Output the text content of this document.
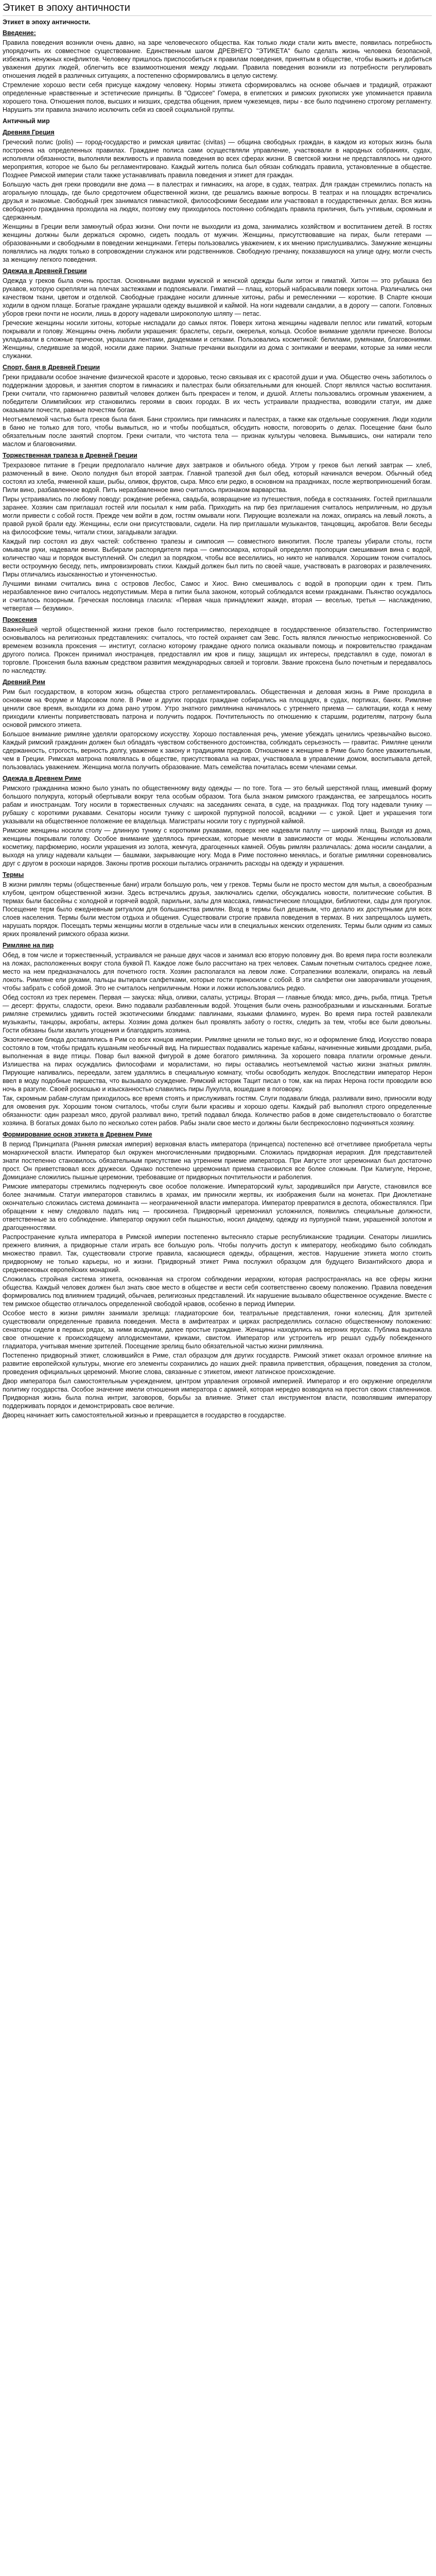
Этикет в эпоху античности
Этикет в эпоху античности.
Введение:

Правила поведения возникли очень давно, на заре человеческого общества. Как только люди стали жить вместе, появилась потребность упорядочить их совместное существование. Единственным шагом ДРЕВНЕГО "ЭТИКЕТА" было сделать жизнь человека безопасной, избежать ненужных конфликтов. Человеку пришлось приспособиться к правилам поведения, принятым в обществе, чтобы выжить и добиться уважения других людей, облегчить все взаимоотношения между людьми. Правила поведения возникли из потребности регулировать отношения людей в различных ситуациях, а постепенно сформировались в целую систему.

Стремление хорошо вести себя присуще каждому человеку. Нормы этикета сформировались на основе обычаев и традиций, отражают определенные нравственные и эстетические принципы. В "Одиссее" Гомера, в египетских и римских рукописях уже упоминается правила хорошего тона. Отношения полов, высших и низших, средства общения, прием чужеземцев, пиры - все было подчинено строгому регламенту. Нарушить эти правила значило исключить себя из своей социальной группы.

Античный мир
Древняя Греция

Греческий полис (polis) — город-государство и римская цивитас (civitas) — община свободных граждан, в каждом из которых жизнь была построена на определенных правилах. Граждане полиса сами осуществляли управление, участвовали в народных собраниях, судах, исполняли обязанности, выполняли вежливость и правила поведения во всех сферах жизни. В светской жизни не представлялось ни одного мероприятия, которое не было бы регламентировано. Каждый житель полиса был обязан соблюдать правила, установленные в обществе. Позднее Римской империи стали также устанавливать правила поведения и этикет для граждан.

Большую часть дня греки проводили вне дома — в палестрах и гимнасиях, на агоре, в судах, театрах. Для граждан стремились попасть на агоральную площадь, где было средоточием общественной жизни, где решались важные вопросы. В театрах и на площадях встречались друзья и знакомые. Свободный грек занимался гимнастикой, философскими беседами или участвовал в государственных делах. Вся жизнь свободного гражданина проходила на людях, поэтому ему приходилось постоянно соблюдать правила приличия, быть учтивым, скромным и сдержанным.

Женщины в Греции вели замкнутый образ жизни. Они почти не выходили из дома, занимались хозяйством и воспитанием детей. В гостях женщины должны были держаться скромно, сидеть поодаль от мужчин. Женщины, присутствовавшие на пирах, были гетерами — образованными и свободными в поведении женщинами. Гетеры пользовались уважением, к их мнению прислушивались. Замужние женщины появлялись на людях только в сопровождении служанок или родственников. Свободную гречанку, показавшуюся на улице одну, могли счесть за женщину легкого поведения.

Одежда в Древней Греции

Одежда у греков была очень простая. Основными видами мужской и женской одежды были хитон и гиматий. Хитон — это рубашка без рукавов, которую скрепляли на плечах застежками и подпоясывали. Гиматий — плащ, который набрасывали поверх хитона. Различались они качеством ткани, цветом и отделкой. Свободные граждане носили длинные хитоны, рабы и ремесленники — короткие. В Спарте юноши ходили в одном плаще. Богатые граждане украшали одежду вышивкой и каймой. На ноги надевали сандалии, а в дорогу — сапоги. Головных уборов греки почти не носили, лишь в дорогу надевали широкополую шляпу — петас.

Греческие женщины носили хитоны, которые ниспадали до самых пяток. Поверх хитона женщины надевали пеплос или гиматий, которым покрывали и голову. Женщины очень любили украшения: браслеты, серьги, ожерелья, кольца. Особое внимание уделяли прическе. Волосы укладывали в сложные прически, украшали лентами, диадемами и сетками. Пользовались косметикой: белилами, румянами, благовониями. Женщины, следившие за модой, носили даже парики. Знатные гречанки выходили из дома с зонтиками и веерами, которые за ними несли служанки.

Спорт, баня в Древней Греции

Греки придавали особое значение физической красоте и здоровью, тесно связывая их с красотой души и ума. Общество очень заботилось о поддержании здоровья, и занятия спортом в гимнасиях и палестрах были обязательными для юношей. Спорт являлся частью воспитания. Греки считали, что гармонично развитый человек должен быть прекрасен и телом, и душой. Атлеты пользовались огромным уважением, а победители Олимпийских игр становились героями в своих городах. В их честь устраивали празднества, возводили статуи, им даже оказывали почести, равные почестям богам.

Неотъемлемой частью быта греков была баня. Бани строились при гимнасиях и палестрах, а также как отдельные сооружения. Люди ходили в баню не только для того, чтобы вымыться, но и чтобы пообщаться, обсудить новости, поговорить о делах. Посещение бани было обязательным после занятий спортом. Греки считали, что чистота тела — признак культуры человека. Вымывшись, они натирали тело маслом и благовониями.

Торжественная трапеза в Древней Греции

Трехразовое питание в Греции предполагало наличие двух завтраков и обильного обеда. Утром у греков был легкий завтрак — хлеб, размоченный в вине. Около полудня был второй завтрак. Главной трапезой дня был обед, который начинался вечером. Обычный обед состоял из хлеба, ячменной каши, рыбы, оливок, фруктов, сыра. Мясо ели редко, в основном на праздниках, после жертвоприношений богам. Пили вино, разбавленное водой. Пить неразбавленное вино считалось признаком варварства.

Пиры устраивались по любому поводу: рождение ребенка, свадьба, возвращение из путешествия, победа в состязаниях. Гостей приглашали заранее. Хозяин сам приглашал гостей или посылал к ним раба. Приходить на пир без приглашения считалось неприличным, но друзья могли привести с собой гостя. Прежде чем войти в дом, гостям омывали ноги. Пирующие возлежали на ложах, опираясь на левый локоть, а правой рукой брали еду. Женщины, если они присутствовали, сидели. На пир приглашали музыкантов, танцовщиц, акробатов. Вели беседы на философские темы, читали стихи, загадывали загадки.

Каждый пир состоял из двух частей: собственно трапезы и симпосия — совместного винопития. После трапезы убирали столы, гости омывали руки, надевали венки. Выбирали распорядителя пира — симпосиарха, который определял пропорции смешивания вина с водой, количество чаш и порядок выступлений. Он следил за порядком, чтобы все веселились, но никто не напивался. Хорошим тоном считалось вести остроумную беседу, петь, импровизировать стихи. Каждый должен был пить по своей чаше, участвовать в разговорах и развлечениях. Пиры отличались изысканностью и утонченностью.

Лучшими винами считались вина с островов Лесбос, Самос и Хиос. Вино смешивалось с водой в пропорции один к трем. Пить неразбавленное вино считалось недопустимым. Мера в питии была законом, который соблюдался всеми гражданами. Пьянство осуждалось и считалось позорным. Греческая пословица гласила: «Первая чаша принадлежит жажде, вторая — веселью, третья — наслаждению, четвертая — безумию».

Проксения

Важнейшей чертой общественной жизни греков было гостеприимство, переходящее в государственное обязательство. Гостеприимство основывалось на религиозных представлениях: считалось, что гостей охраняет сам Зевс. Гость являлся личностью неприкосновенной. Со временем возникла проксения — институт, согласно которому граждане одного полиса оказывали помощь и покровительство гражданам другого полиса. Проксен принимал иностранцев, предоставлял им кров и пищу, защищал их интересы, представлял в суде, помогал в торговле. Проксения была важным средством развития международных связей и торговли. Звание проксена было почетным и передавалось по наследству.

Древний Рим

Рим был государством, в котором жизнь общества строго регламентировалась. Общественная и деловая жизнь в Риме проходила в основном на Форуме и Марсовом поле. В Риме и других городах граждане собирались на площадях, в судах, портиках, банях. Римляне ценили свое время, выходили из дома рано утром. Утро знатного римлянина начиналось с утреннего приема — салютации, когда к нему приходили клиенты поприветствовать патрона и получить подарок. Почтительность по отношению к старшим, родителям, патрону была основой римского этикета.

Большое внимание римляне уделяли ораторскому искусству. Хорошо поставленная речь, умение убеждать ценились чрезвычайно высоко. Каждый римский гражданин должен был обладать чувством собственного достоинства, соблюдать серьезность — гравитас. Римляне ценили сдержанность, строгость, верность долгу, уважение к закону и традициям предков. Отношение к женщине в Риме было более уважительным, чем в Греции. Римская матрона появлялась в обществе, присутствовала на пирах, участвовала в управлении домом, воспитывала детей, пользовалась уважением. Женщина могла получить образование. Мать семейства почиталась всеми членами семьи.

Одежда в Древнем Риме

Римского гражданина можно было узнать по общественному виду одежды — по тоге. Тога — это белый шерстяной плащ, имевший форму большого полукруга, который обертывали вокруг тела особым образом. Тога была знаком римского гражданства, ее запрещалось носить рабам и иностранцам. Тогу носили в торжественных случаях: на заседаниях сената, в суде, на праздниках. Под тогу надевали тунику — рубашку с короткими рукавами. Сенаторы носили тунику с широкой пурпурной полосой, всадники — с узкой. Цвет и украшения тоги указывали на общественное положение ее владельца. Магистраты носили тогу с пурпурной каймой.

Римские женщины носили столу — длинную тунику с короткими рукавами, поверх нее надевали паллу — широкий плащ. Выходя из дома, женщины покрывали голову. Особое внимание уделялось прическам, которые меняли в зависимости от моды. Женщины использовали косметику, парфюмерию, носили украшения из золота, жемчуга, драгоценных камней. Обувь римлян различалась: дома носили сандалии, а выходя на улицу надевали кальцеи — башмаки, закрывающие ногу. Мода в Риме постоянно менялась, и богатые римлянки соревновались друг с другом в роскоши нарядов. Законы против роскоши пытались ограничить расходы на одежду и украшения.

Термы

В жизни римлян термы (общественные бани) играли большую роль, чем у греков. Термы были не просто местом для мытья, а своеобразным клубом, центром общественной жизни. Здесь встречались друзья, заключались сделки, обсуждались новости, политические события. В термах были бассейны с холодной и горячей водой, парильни, залы для массажа, гимнастические площадки, библиотеки, сады для прогулок. Посещение терм было ежедневным ритуалом для большинства римлян. Вход в термы был дешевым, что делало их доступными для всех слоев населения. Термы были местом отдыха и общения. Существовали строгие правила поведения в термах. В них запрещалось шуметь, нарушать порядок. Посещать термы женщины могли в отдельные часы или в специальных женских отделениях. Термы были одним из самых ярких проявлений римского образа жизни.

Римляне на пир

Обед, в том числе и торжественный, устраивался не раньше двух часов и занимал всю вторую половину дня. Во время пира гости возлежали на ложах, расположенных вокруг стола буквой П. Каждое ложе было рассчитано на трех человек. Самым почетным считалось среднее ложе, место на нем предназначалось для почетного гостя. Хозяин располагался на левом ложе. Сотрапезники возлежали, опираясь на левый локоть. Римляне ели руками, пальцы вытирали салфетками, которые гости приносили с собой. В эти салфетки они заворачивали угощения, чтобы забрать с собой домой. Это не считалось неприличным. Ножи и ложки использовались редко.

Обед состоял из трех перемен. Первая — закуска: яйца, оливки, салаты, устрицы. Вторая — главные блюда: мясо, дичь, рыба, птица. Третья — десерт: фрукты, сладости, орехи. Вино подавали разбавленным водой. Угощения были очень разнообразными и изысканными. Богатые римляне стремились удивить гостей экзотическими блюдами: павлинами, языками фламинго, мурен. Во время пира гостей развлекали музыканты, танцоры, акробаты, актеры. Хозяин дома должен был проявлять заботу о гостях, следить за тем, чтобы все были довольны. Гости обязаны были хвалить угощения и благодарить хозяина.

Экзотические блюда доставлялись в Рим со всех концов империи. Римляне ценили не только вкус, но и оформление блюд. Искусство повара состояло в том, чтобы придать кушаньям необычный вид. На пиршествах подавались жареные кабаны, начиненные живыми дроздами, рыба, выполненная в виде птицы. Повар был важной фигурой в доме богатого римлянина. За хорошего повара платили огромные деньги. Излишества на пирах осуждались философами и моралистами, но пиры оставались неотъемлемой частью жизни знатных римлян. Пирующие напивались, переедали, затем удалялись в специальную комнату, чтобы освободить желудок. Впоследствии император Нерон ввел в моду подобные пиршества, что вызывало осуждение. Римский историк Тацит писал о том, как на пирах Нерона гости проводили всю ночь в разгуле. Своей роскошью и изысканностью славились пиры Лукулла, вошедшие в поговорку.

Так, скромным рабам-слугам приходилось все время стоять и прислуживать гостям. Слуги подавали блюда, разливали вино, приносили воду для омовения рук. Хорошим тоном считалось, чтобы слуги были красивы и хорошо одеты. Каждый раб выполнял строго определенные обязанности: один разрезал мясо, другой разливал вино, третий подавал блюда. Количество рабов в доме свидетельствовало о богатстве хозяина. В богатых домах было по несколько сотен рабов. Рабы знали свое место и должны были беспрекословно подчиняться хозяину.

Формирование основ этикета в Древнем Риме

В период Принципата (Ранняя римская империя) верховная власть императора (принцепса) постепенно всё отчетливее приобретала черты монархической власти. Император был окружен многочисленными придворными. Сложилась придворная иерархия. Для представителей знати постепенно становилось обязательным присутствие на утреннем приеме императора. При Августе этот церемониал был достаточно прост. Он приветствовал всех дружески. Однако постепенно церемониал приема становился все более сложным. При Калигуле, Нероне, Домициане сложились пышные церемонии, требовавшие от придворных почтительности и раболепия.

Римские императоры стремились подчеркнуть свое особое положение. Императорский культ, зародившийся при Августе, становился все более значимым. Статуи императоров ставились в храмах, им приносили жертвы, их изображения были на монетах. При Диоклетиане окончательно сложилась система доминанта — неограниченной власти императора. Император превратился в деспота, обожествлялся. При обращении к нему следовало падать ниц — проскинеза. Придворный церемониал усложнился, появились специальные должности, ответственные за его соблюдение. Император окружил себя пышностью, носил диадему, одежду из пурпурной ткани, украшенной золотом и драгоценностями.

Распространение культа императора в Римской империи постепенно вытесняло старые республиканские традиции. Сенаторы лишились прежнего влияния, а придворные стали играть все большую роль. Чтобы получить доступ к императору, необходимо было соблюдать множество правил. Так, существовали строгие правила, касающиеся одежды, обращения, жестов. Нарушение этикета могло стоить придворному не только карьеры, но и жизни. Придворный этикет Рима послужил образцом для будущего Византийского двора и средневековых европейских монархий.

Сложилась стройная система этикета, основанная на строгом соблюдении иерархии, которая распространялась на все сферы жизни общества. Каждый человек должен был знать свое место в обществе и вести себя соответственно своему положению. Правила поведения формировались под влиянием традиций, обычаев, религиозных представлений. Их нарушение вызывало общественное осуждение. Вместе с тем римское общество отличалось определенной свободой нравов, особенно в период Империи.

Особое место в жизни римлян занимали зрелища: гладиаторские бои, театральные представления, гонки колесниц. Для зрителей существовали определенные правила поведения. Места в амфитеатрах и цирках распределялись согласно общественному положению: сенаторы сидели в первых рядах, за ними всадники, далее простые граждане. Женщины находились на верхних ярусах. Публика выражала свое отношение к происходящему аплодисментами, криками, свистом. Император или устроитель игр решал судьбу побежденного гладиатора, учитывая мнение зрителей. Посещение зрелищ было обязательной частью жизни римлянина.

Постепенно придворный этикет, сложившийся в Риме, стал образцом для других государств. Римский этикет оказал огромное влияние на развитие европейской культуры, многие его элементы сохранились до наших дней: правила приветствия, обращения, поведения за столом, проведения официальных церемоний. Многие слова, связанные с этикетом, имеют латинское происхождение.

Двор императора был самостоятельным учреждением, центром управления огромной империей. Император и его окружение определяли политику государства. Особое значение имели отношения императора с армией, которая нередко возводила на престол своих ставленников. Придворная жизнь была полна интриг, заговоров, борьбы за влияние. Этикет стал инструментом власти, позволявшим императору поддерживать порядок и демонстрировать свое величие.

Дворец начинает жить самостоятельной жизнью и превращается в государство в государстве.
